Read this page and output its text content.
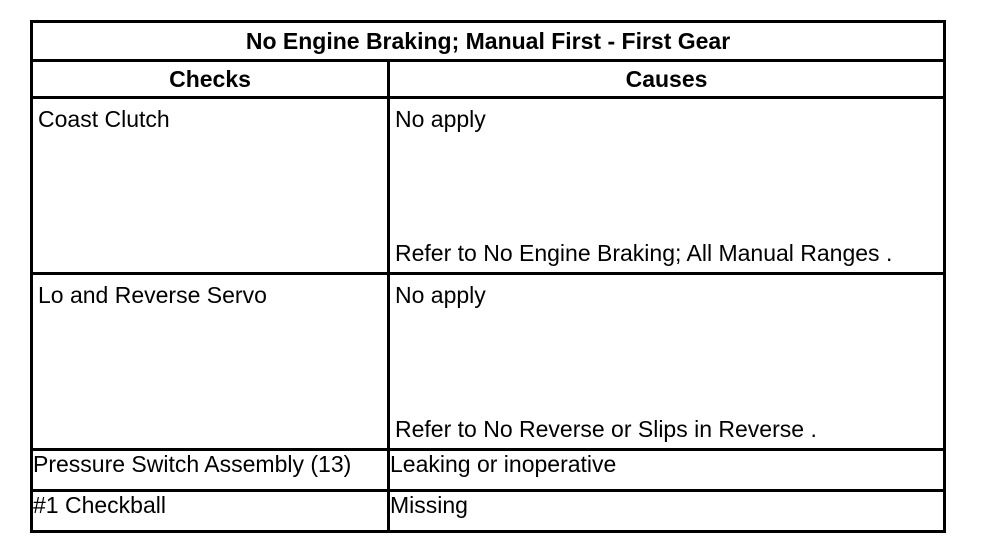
No Engine Braking; Manual First - First Gear	
Checks	Causes
Coast Clutch	No apply
Refer to No Engine Braking; All Manual Ranges .

Lo and Reverse Servo	No apply
Refer to No Reverse or Slips in Reverse .

Pressure Switch Assembly (13)	Leaking or inoperative
#1 Checkball	Missing
